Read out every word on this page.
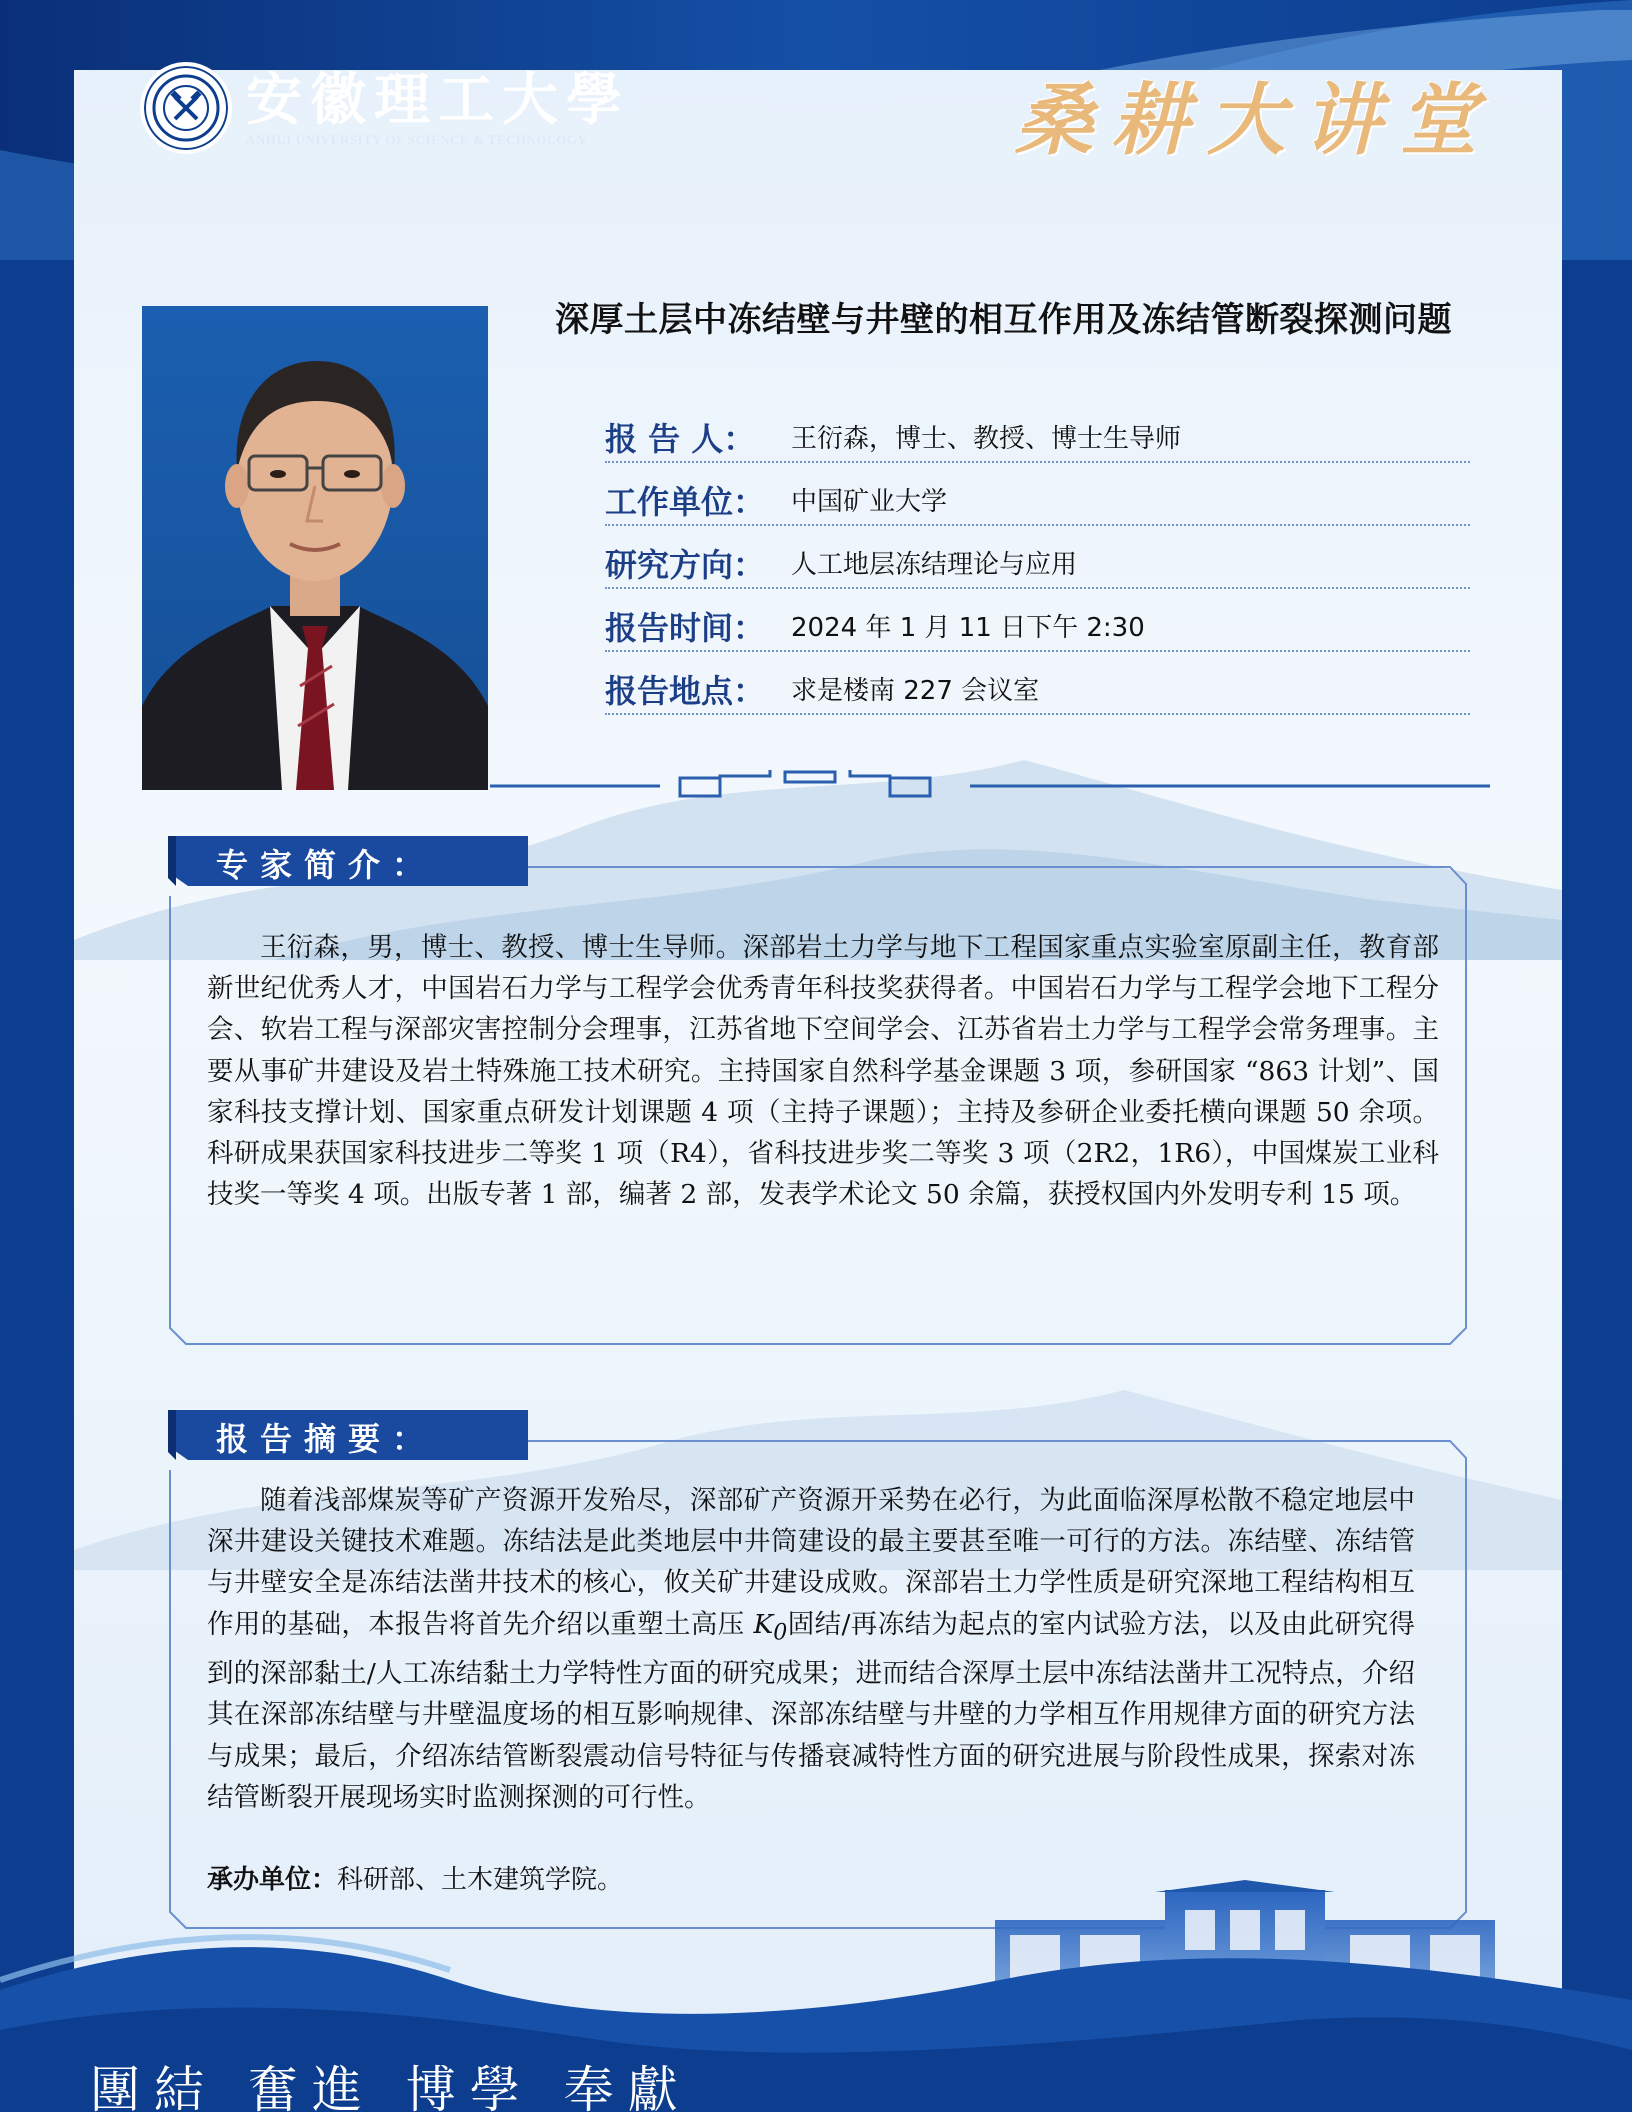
安徽理工大學
ANHUI UNIVERSITY OF SCIENCE & TECHNOLOGY	桑耕大讲堂
深厚土层中冻结壁与井壁的相互作用及冻结管断裂探测问题
报 告 人：	王衍森，博士、教授、博士生导师
工作单位： 中国矿业大学
研究方向： 人工地层冻结理论与应用
报告时间： 2024 年 1 月 11 日下午 2:30
报告地点： 求是楼南 227 会议室
专家简介：
王衍森，男，博士、教授、博士生导师。深部岩土力学与地下工程国家重点实验室原副主任，教育部新世纪优秀人才，中国岩石力学与工程学会优秀青年科技奖获得者。中国岩石力学与工程学会地下工程分会、软岩工程与深部灾害控制分会理事，江苏省地下空间学会、江苏省岩土力学与工程学会常务理事。主要从事矿井建设及岩土特殊施工技术研究。主持国家自然科学基金课题 3 项，参研国家 “863 计划”、国家科技支撑计划、国家重点研发计划课题 4 项（主持子课题）；主持及参研企业委托横向课题 50 余项。科研成果获国家科技进步二等奖 1 项（R4），省科技进步奖二等奖 3 项（2R2，1R6），中国煤炭工业科技奖一等奖 4 项。出版专著 1 部，编著 2 部，发表学术论文 50 余篇，获授权国内外发明专利 15 项。
报告摘要：
随着浅部煤炭等矿产资源开发殆尽，深部矿产资源开采势在必行，为此面临深厚松散不稳定地层中深井建设关键技术难题。冻结法是此类地层中井筒建设的最主要甚至唯一可行的方法。冻结壁、冻结管与井壁安全是冻结法凿井技术的核心，攸关矿井建设成败。深部岩土力学性质是研究深地工程结构相互作用的基础，本报告将首先介绍以重塑土高压 $K_0$固结/再冻结为起点的室内试验方法，以及由此研究得到的深部黏土/人工冻结黏土力学特性方面的研究成果；进而结合深厚土层中冻结法凿井工况特点，介绍其在深部冻结壁与井壁温度场的相互影响规律、深部冻结壁与井壁的力学相互作用规律方面的研究方法与成果；最后，介绍冻结管断裂震动信号特征与传播衰减特性方面的研究进展与阶段性成果，探索对冻结管断裂开展现场实时监测探测的可行性。
承办单位：科研部、土木建筑学院。
團結 奮進 博學 奉獻
